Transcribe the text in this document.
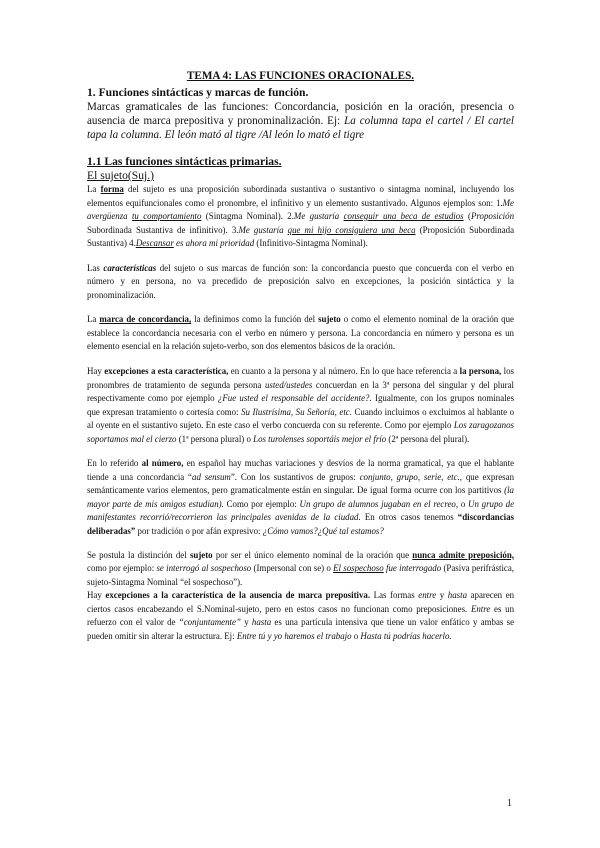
TEMA 4: LAS FUNCIONES ORACIONALES.
1. Funciones sintácticas y marcas de función.

Marcas gramaticales de las funciones: Concordancia, posición en la oración, presencia o ausencia de marca prepositiva y pronominalización. Ej: La columna tapa el cartel / El cartel tapa la columna. El león mató al tigre /Al león lo mató el tigre

1.1 Las funciones sintácticas primarias.
El sujeto(Suj.)

La forma del sujeto es una proposición subordinada sustantiva o sustantivo o sintagma nominal, incluyendo los elementos equifuncionales como el pronombre, el infinitivo y un elemento sustantivado. Algunos ejemplos son: 1.Me avergüenza tu comportamiento (Sintagma Nominal). 2.Me gustaría conseguir una beca de estudios (Proposición Subordinada Sustantiva de infinitivo). 3.Me gustaría que mi hijo consiguiera una beca (Proposición Subordinada Sustantiva) 4.Descansar es ahora mi prioridad (Infinitivo-Sintagma Nominal).

Las características del sujeto o sus marcas de función son: la concordancia puesto que concuerda con el verbo en número y en persona, no va precedido de preposición salvo en excepciones, la posición sintáctica y la pronominalización.

La marca de concordancia, la definimos como la función del sujeto o como el elemento nominal de la oración que establece la concordancia necesaria con el verbo en número y persona. La concordancia en número y persona es un elemento esencial en la relación sujeto-verbo, son dos elementos básicos de la oración.

Hay excepciones a esta característica, en cuanto a la persona y al número. En lo que hace referencia a la persona, los pronombres de tratamiento de segunda persona usted/ustedes concuerdan en la 3ª persona del singular y del plural respectivamente como por ejemplo ¿Fue usted el responsable del accidente?. Igualmente, con los grupos nominales que expresan tratamiento o cortesía como: Su Ilustrísima, Su Señoría, etc. Cuando incluimos o excluimos al hablante o al oyente en el sustantivo sujeto. En este caso el verbo concuerda con su referente. Como por ejemplo Los zaragozanos soportamos mal el cierzo (1ª persona plural) o Los turolenses soportáis mejor el frío (2ª persona del plural).

En lo referido al número, en español hay muchas variaciones y desvíos de la norma gramatical, ya que el hablante tiende a una concordancia “ad sensum”. Con los sustantivos de grupos: conjunto, grupo, serie, etc., que expresan semánticamente varios elementos, pero gramaticalmente están en singular. De igual forma ocurre con los partitivos (la mayor parte de mis amigos estudian). Como por ejemplo: Un grupo de alumnos jugaban en el recreo, o Un grupo de manifestantes recorrió/recorrieron las principales avenidas de la ciudad. En otros casos tenemos “discordancias deliberadas” por tradición o por afán expresivo: ¿Cómo vamos?¿Qué tal estamos?

Se postula la distinción del sujeto por ser el único elemento nominal de la oración que nunca admite preposición, como por ejemplo: se interrogó al sospechoso (Impersonal con se) o El sospechoso fue interrogado (Pasiva perifrástica, sujeto-Sintagma Nominal “el sospechoso”).

Hay excepciones a la característica de la ausencia de marca prepositiva. Las formas entre y hasta aparecen en ciertos casos encabezando el S.Nominal-sujeto, pero en estos casos no funcionan como preposiciones. Entre es un refuerzo con el valor de “conjuntamente” y hasta es una partícula intensiva que tiene un valor enfático y ambas se pueden omitir sin alterar la estructura. Ej: Entre tú y yo haremos el trabajo o Hasta tú podrías hacerlo.

1
